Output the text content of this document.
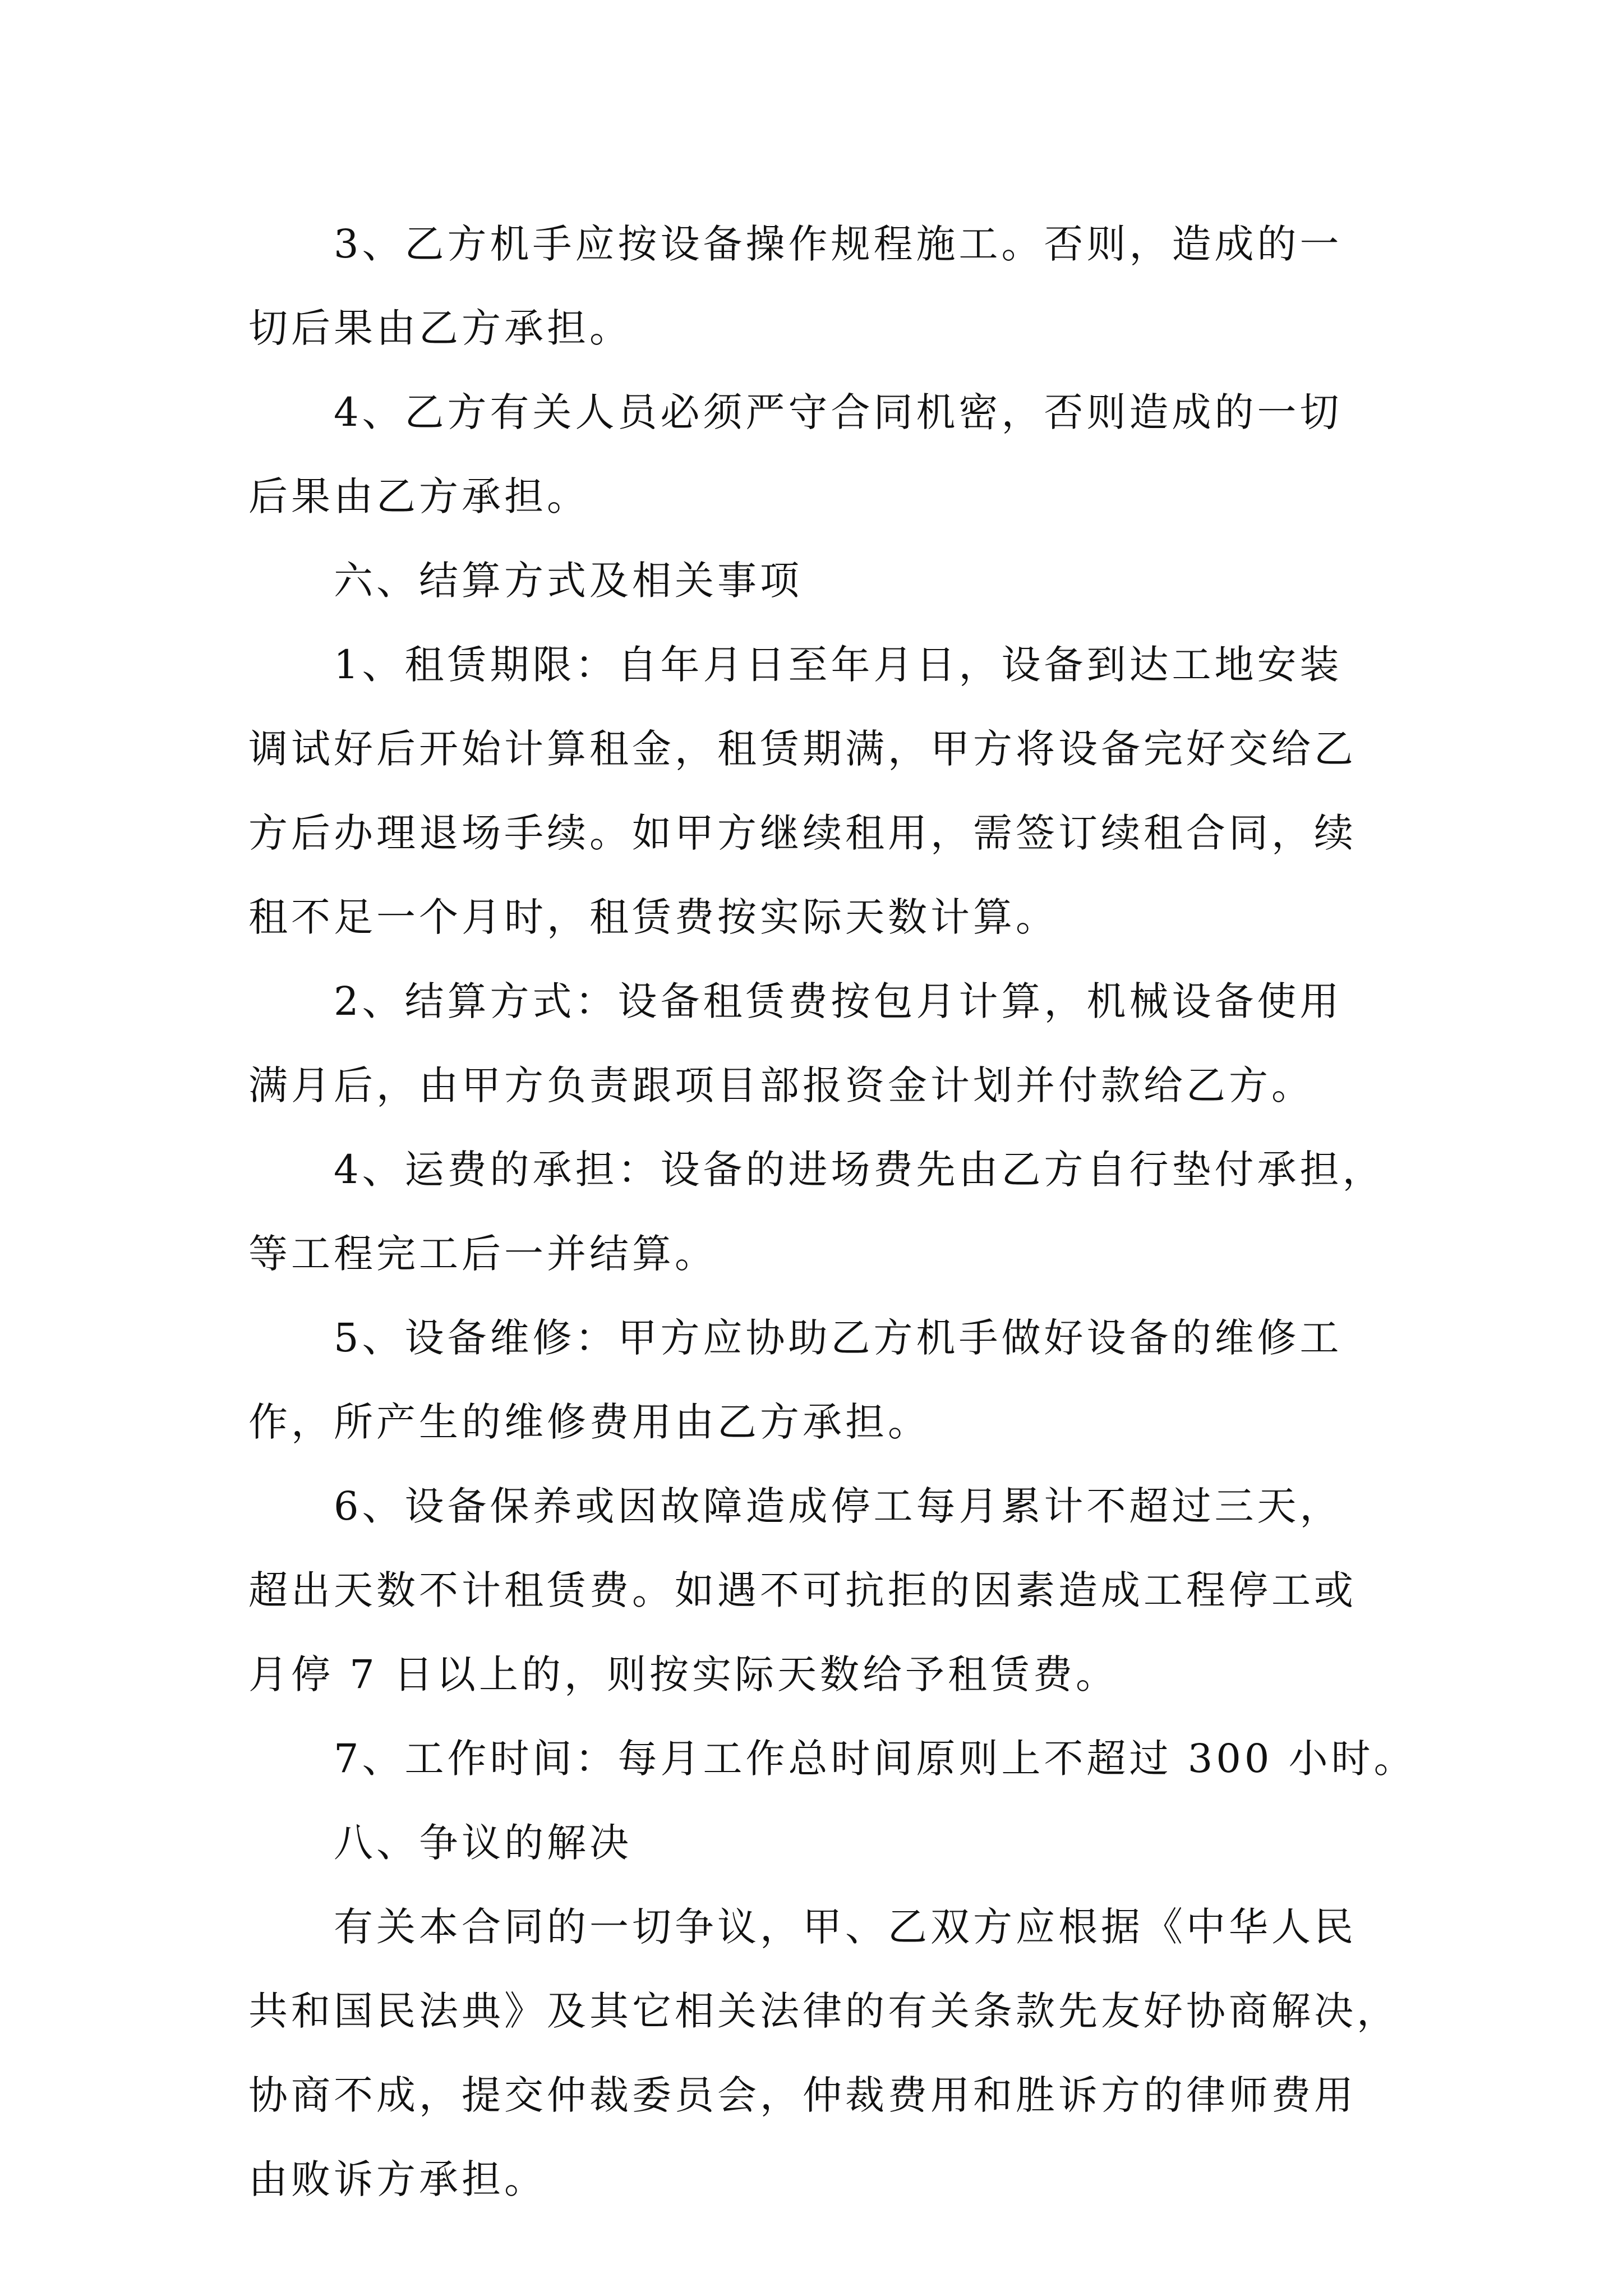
3、乙方机手应按设备操作规程施工。否则，造成的一
切后果由乙方承担。
4、乙方有关人员必须严守合同机密，否则造成的一切
后果由乙方承担。
六、结算方式及相关事项
1、租赁期限：自年月日至年月日，设备到达工地安装
调试好后开始计算租金，租赁期满，甲方将设备完好交给乙
方后办理退场手续。如甲方继续租用，需签订续租合同，续
租不足一个月时，租赁费按实际天数计算。
2、结算方式：设备租赁费按包月计算，机械设备使用
满月后，由甲方负责跟项目部报资金计划并付款给乙方。
4、运费的承担：设备的进场费先由乙方自行垫付承担，
等工程完工后一并结算。
5、设备维修：甲方应协助乙方机手做好设备的维修工
作，所产生的维修费用由乙方承担。
6、设备保养或因故障造成停工每月累计不超过三天，
超出天数不计租赁费。如遇不可抗拒的因素造成工程停工或
月停 7 日以上的，则按实际天数给予租赁费。
7、工作时间：每月工作总时间原则上不超过 300 小时。
八、争议的解决
有关本合同的一切争议，甲、乙双方应根据《中华人民
共和国民法典》及其它相关法律的有关条款先友好协商解决，
协商不成，提交仲裁委员会，仲裁费用和胜诉方的律师费用
由败诉方承担。
